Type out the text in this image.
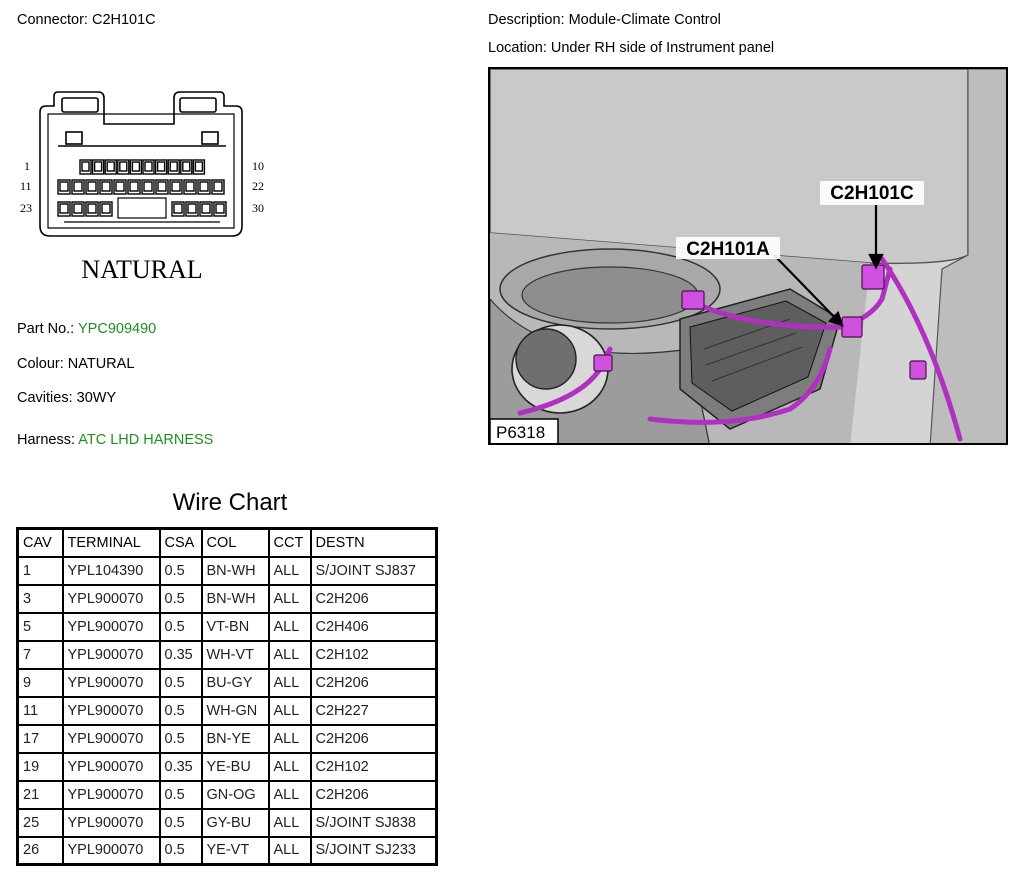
Connector: C2H101C	Description: Module-Climate Control
Location: Under RH side of Instrument panel
1	10
11	22
23	30
NATURAL
C2H101A
C2H101C
P6318
Part No.: YPC909490
Colour: NATURAL
Cavities: 30WY
Harness: ATC LHD HARNESS
Wire Chart
CAV	TERMINAL	CSA	COL	CCT	DESTN
1	YPL104390	0.5	BN-WH	ALL	S/JOINT SJ837
3	YPL900070	0.5	BN-WH	ALL	C2H206
5	YPL900070	0.5	VT-BN	ALL	C2H406
7	YPL900070	0.35	WH-VT	ALL	C2H102
9	YPL900070	0.5	BU-GY	ALL	C2H206
11	YPL900070	0.5	WH-GN	ALL	C2H227
17	YPL900070	0.5	BN-YE	ALL	C2H206
19	YPL900070	0.35	YE-BU	ALL	C2H102
21	YPL900070	0.5	GN-OG	ALL	C2H206
25	YPL900070	0.5	GY-BU	ALL	S/JOINT SJ838
26	YPL900070	0.5	YE-VT	ALL	S/JOINT SJ233
